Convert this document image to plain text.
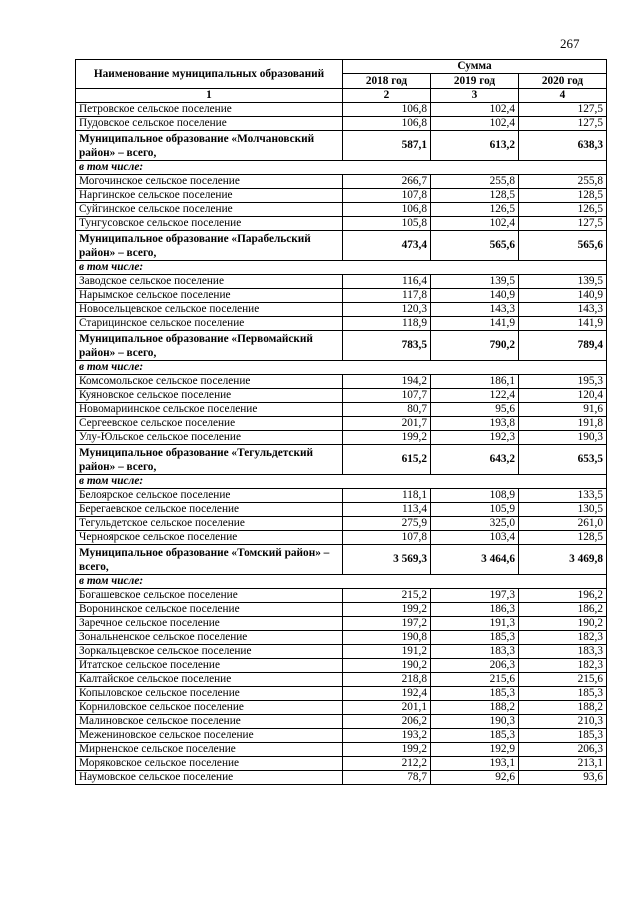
267
Наименование муниципальных образований	Сумма		
	2018 год	2019 год	2020 год
1	2	3	4
Петровское сельское поселение	106,8	102,4	127,5
Пудовское сельское поселение	106,8	102,4	127,5
Муниципальное образование «Молчановский район» – всего,	587,1	613,2	638,3
в том числе:			
Могочинское сельское поселение	266,7	255,8	255,8
Наргинское сельское поселение	107,8	128,5	128,5
Суйгинское сельское поселение	106,8	126,5	126,5
Тунгусовское сельское поселение	105,8	102,4	127,5
Муниципальное образование «Парабельский район» – всего,	473,4	565,6	565,6
в том числе:			
Заводское сельское поселение	116,4	139,5	139,5
Нарымское сельское поселение	117,8	140,9	140,9
Новосельцевское сельское поселение	120,3	143,3	143,3
Старицинское сельское поселение	118,9	141,9	141,9
Муниципальное образование «Первомайский район» – всего,	783,5	790,2	789,4
в том числе:			
Комсомольское сельское поселение	194,2	186,1	195,3
Куяновское сельское поселение	107,7	122,4	120,4
Новомариинское сельское поселение	80,7	95,6	91,6
Сергеевское сельское поселение	201,7	193,8	191,8
Улу-Юльское сельское поселение	199,2	192,3	190,3
Муниципальное образование «Тегульдетский район» – всего,	615,2	643,2	653,5
в том числе:			
Белоярское сельское поселение	118,1	108,9	133,5
Берегаевское сельское поселение	113,4	105,9	130,5
Тегульдетское сельское поселение	275,9	325,0	261,0
Черноярское сельское поселение	107,8	103,4	128,5
Муниципальное образование «Томский район» – всего,	3 569,3	3 464,6	3 469,8
в том числе:			
Богашевское сельское поселение	215,2	197,3	196,2
Воронинское сельское поселение	199,2	186,3	186,2
Заречное сельское поселение	197,2	191,3	190,2
Зональненское сельское поселение	190,8	185,3	182,3
Зоркальцевское сельское поселение	191,2	183,3	183,3
Итатское сельское поселение	190,2	206,3	182,3
Калтайское сельское поселение	218,8	215,6	215,6
Копыловское сельское поселение	192,4	185,3	185,3
Корниловское сельское поселение	201,1	188,2	188,2
Малиновское сельское поселение	206,2	190,3	210,3
Межениновское сельское поселение	193,2	185,3	185,3
Мирненское сельское поселение	199,2	192,9	206,3
Моряковское сельское поселение	212,2	193,1	213,1
Наумовское сельское поселение	78,7	92,6	93,6
